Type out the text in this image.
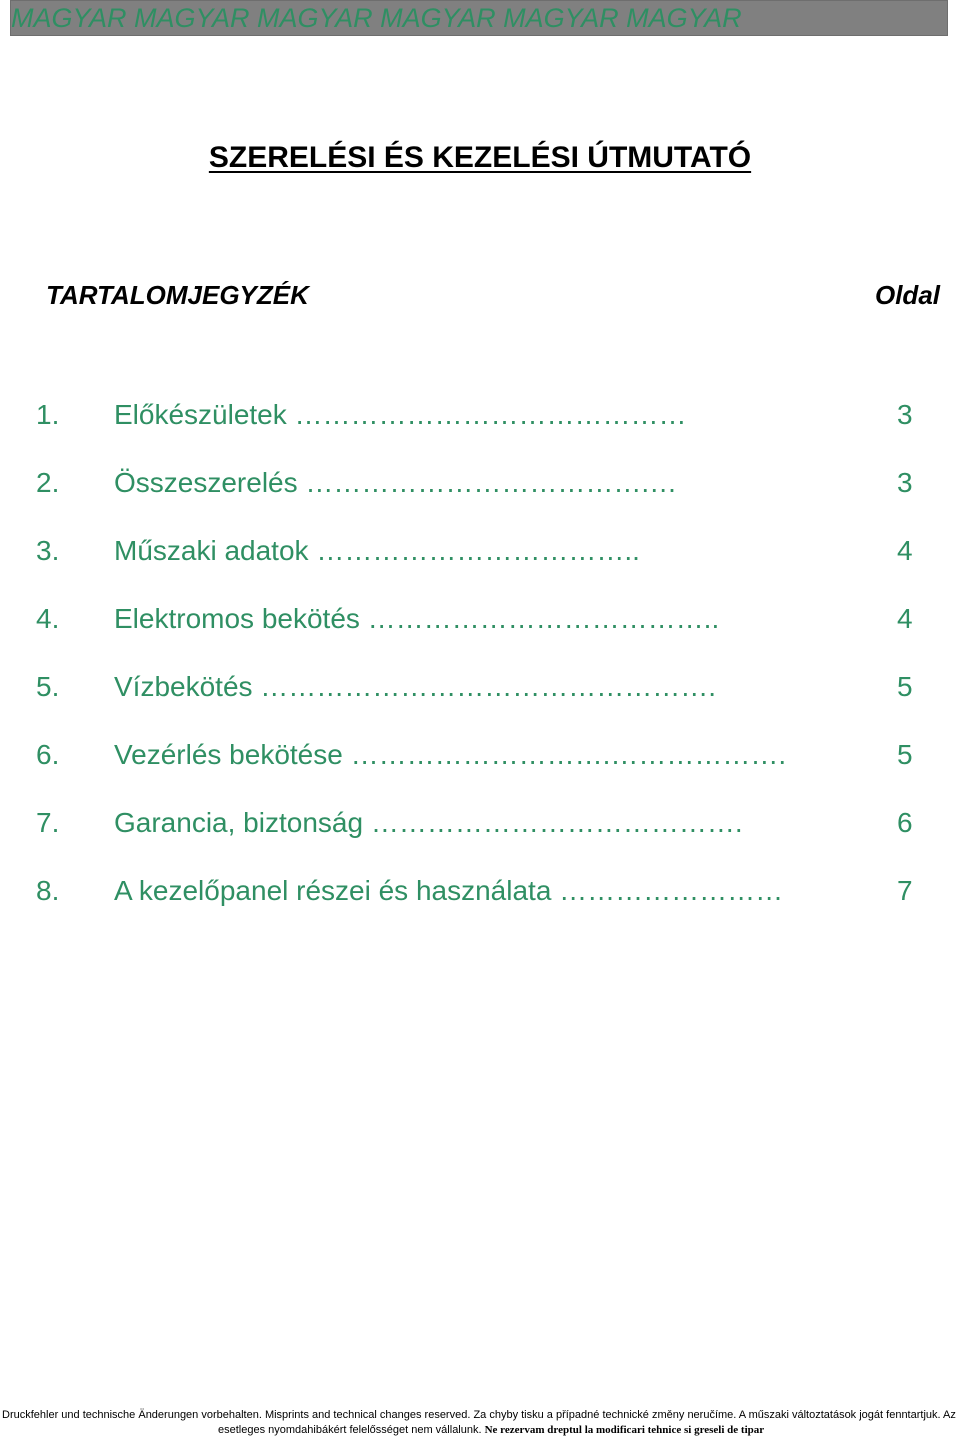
MAGYAR MAGYAR MAGYAR MAGYAR MAGYAR MAGYAR
SZERELÉSI ÉS KEZELÉSI ÚTMUTATÓ
TARTALOMJEGYZÉK	Oldal
1. Előkészületek ……………………………………	3
2. Összeszerelés ……………………………….…	3
3. Műszaki adatok ……………………………..	4
4. Elektromos bekötés ………………………………..	4
5. Vízbekötés ………………………………………….	5
6. Vezérlés bekötése ……………………….……………….	5
7. Garancia, biztonság ………………………………….	6
8. A kezelőpanel részei és használata ……………………	7
Druckfehler und technische Änderungen vorbehalten. Misprints and technical changes reserved. Za chyby tisku a případné technické změny neručíme. A műszaki változtatások jogát fenntartjuk. Az
esetleges nyomdahibákért felelősséget nem vállalunk. Ne rezervam dreptul la modificari tehnice si greseli de tipar
